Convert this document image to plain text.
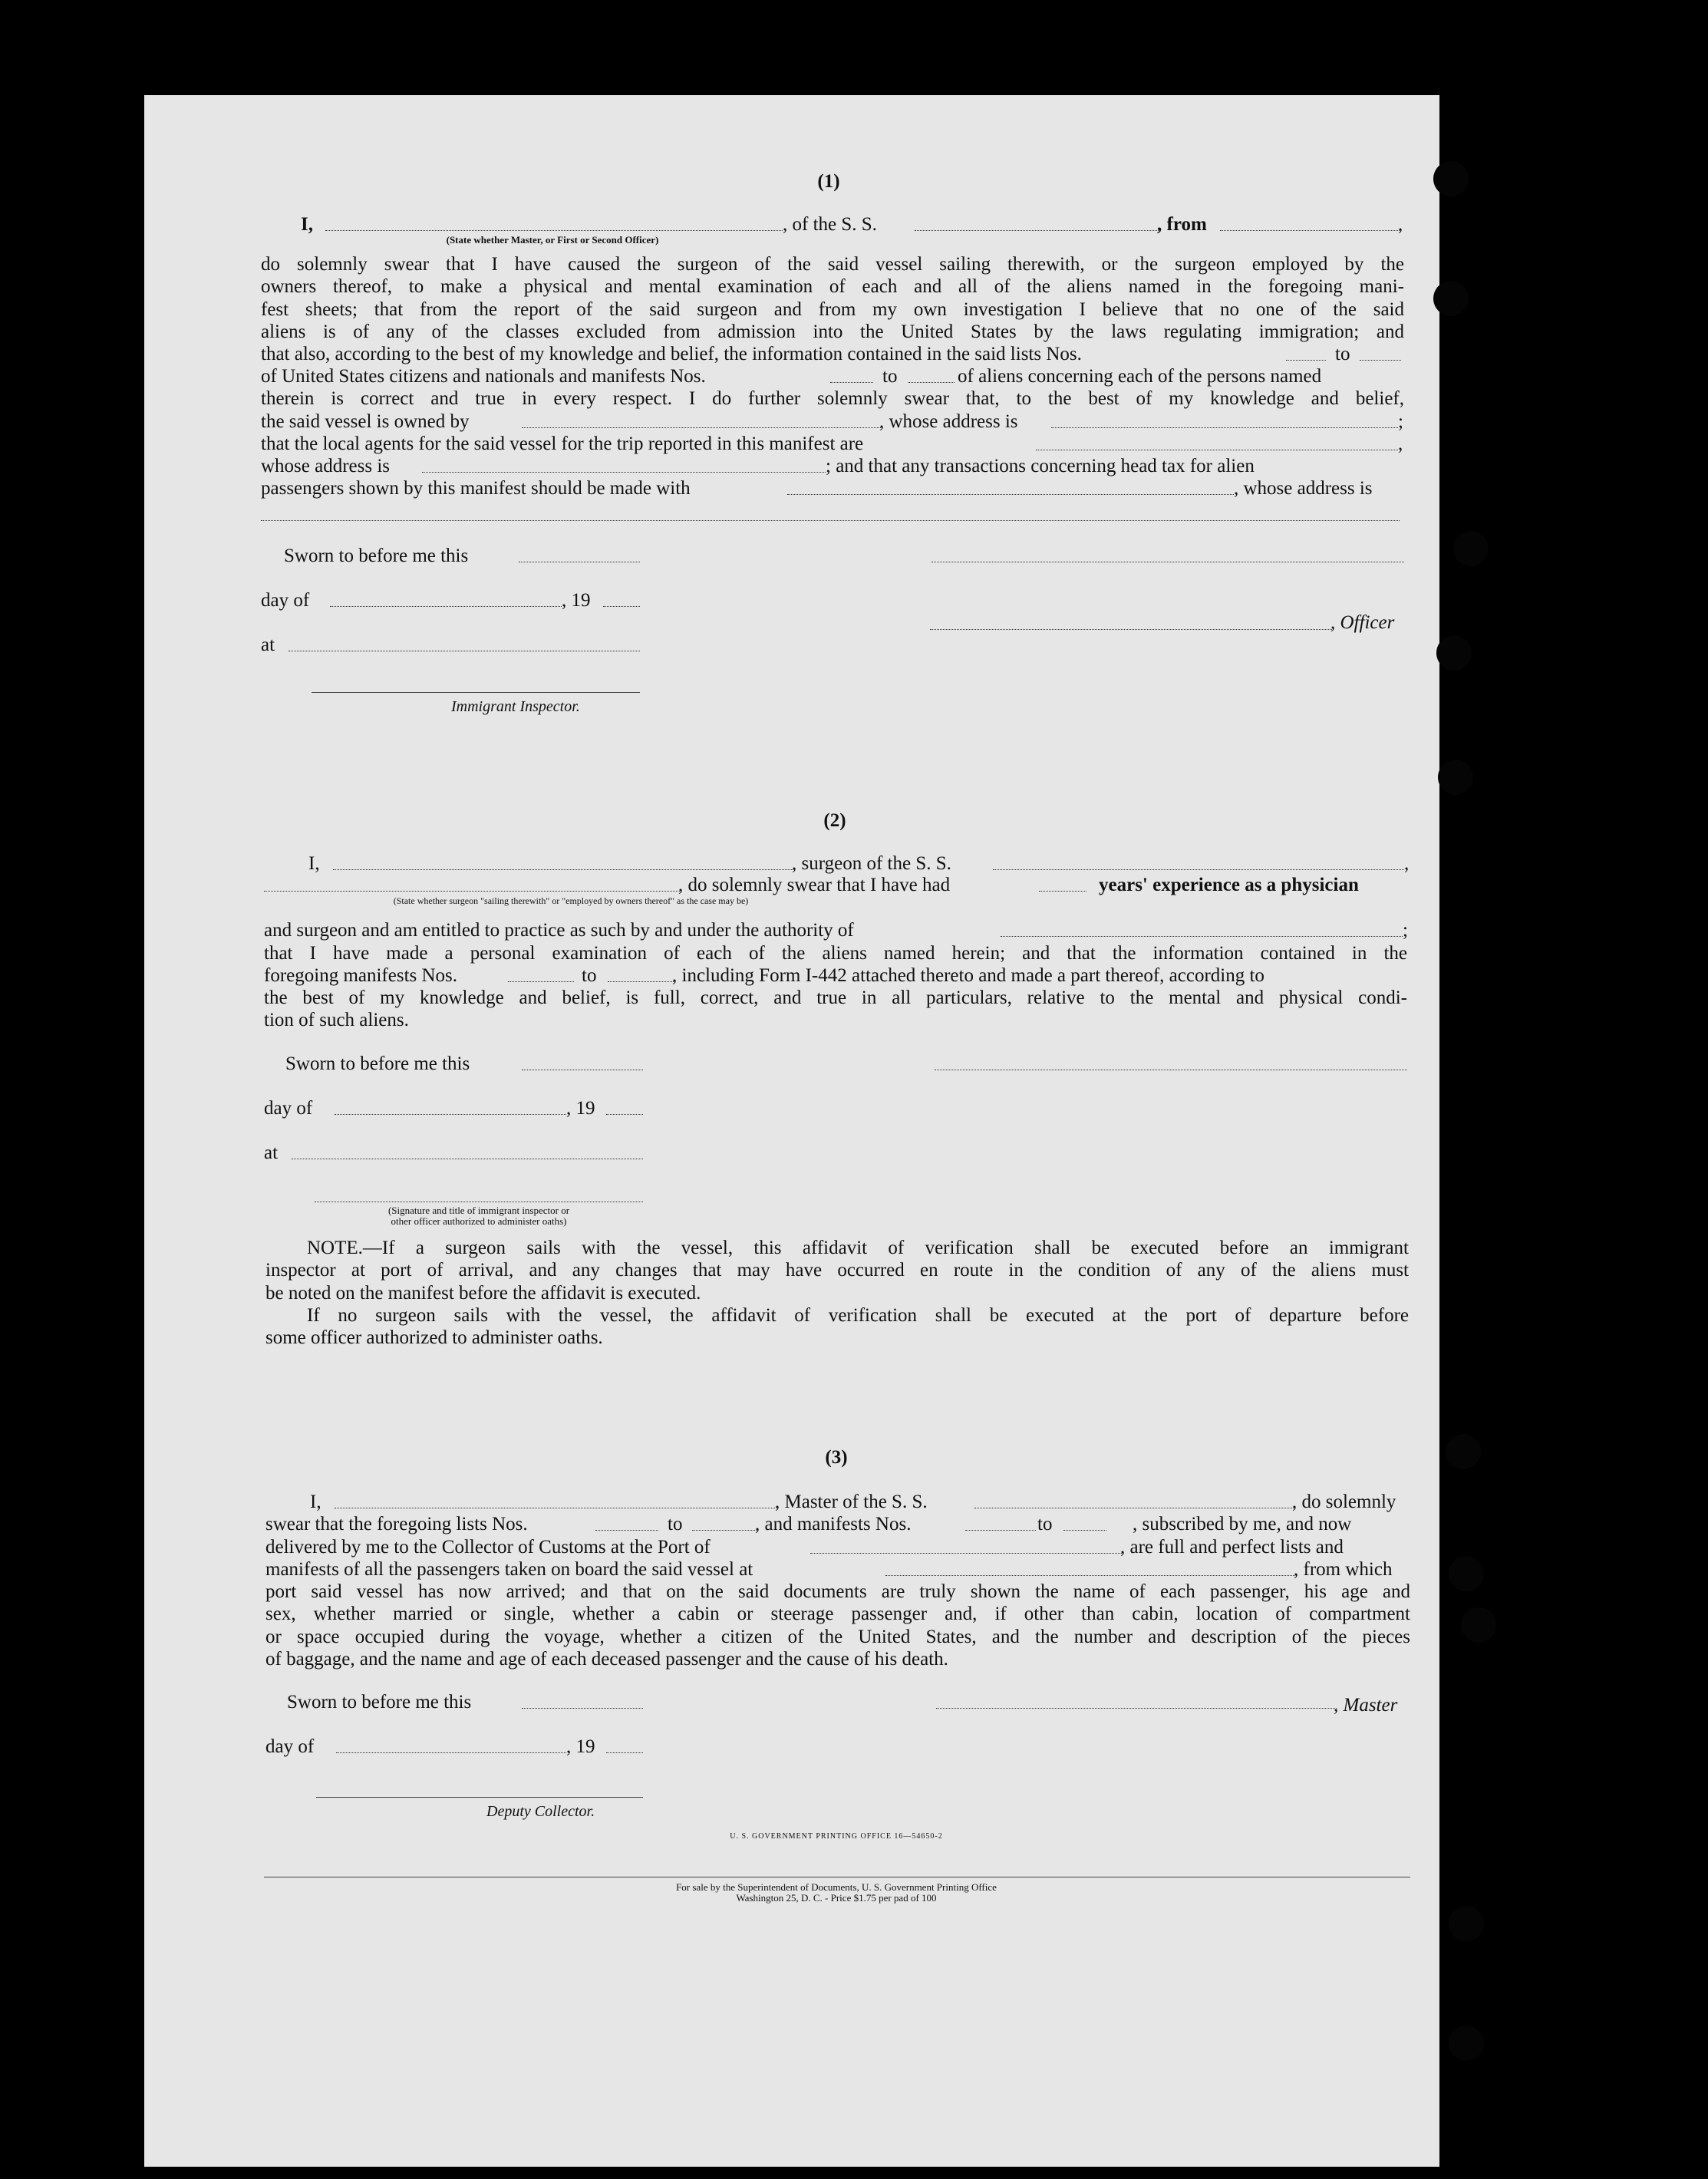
(1)
I,
(State whether Master, or First or Second Officer)
, of the S. S.	, from	,
do solemnly swear that I have caused the surgeon of the said vessel sailing therewith, or the surgeon employed by the
owners thereof, to make a physical and mental examination of each and all of the aliens named in the foregoing mani-
fest sheets; that from the report of the said surgeon and from my own investigation I believe that no one of the said
aliens is of any of the classes excluded from admission into the United States by the laws regulating immigration; and
that also, according to the best of my knowledge and belief, the information contained in the said lists Nos.	to
of United States citizens and nationals and manifests Nos.	to	of aliens concerning each of the persons named
therein is correct and true in every respect. I do further solemnly swear that, to the best of my knowledge and belief,
the said vessel is owned by	, whose address is	;
that the local agents for the said vessel for the trip reported in this manifest are	,
whose address is	; and that any transactions concerning head tax for alien
passengers shown by this manifest should be made with	, whose address is
Sworn to before me this
day of	, 19
, Officer
at
Immigrant Inspector.
(2)
I,	, surgeon of the S. S.	,
, do solemnly swear that I have had	years' experience as a physician
(State whether surgeon "sailing therewith" or "employed by owners thereof" as the case may be)
and surgeon and am entitled to practice as such by and under the authority of	;
that I have made a personal examination of each of the aliens named herein; and that the information contained in the
foregoing manifests Nos.	to	, including Form I-442 attached thereto and made a part thereof, according to
the best of my knowledge and belief, is full, correct, and true in all particulars, relative to the mental and physical condi-
tion of such aliens.
Sworn to before me this
day of	, 19
at
(Signature and title of immigrant inspector or
other officer authorized to administer oaths)
NOTE.—If a surgeon sails with the vessel, this affidavit of verification shall be executed before an immigrant
inspector at port of arrival, and any changes that may have occurred en route in the condition of any of the aliens must
be noted on the manifest before the affidavit is executed.
If no surgeon sails with the vessel, the affidavit of verification shall be executed at the port of departure before
some officer authorized to administer oaths.
(3)
I,	, Master of the S. S.	, do solemnly
swear that the foregoing lists Nos.	to	, and manifests Nos.	to	, subscribed by me, and now
delivered by me to the Collector of Customs at the Port of	, are full and perfect lists and
manifests of all the passengers taken on board the said vessel at	, from which
port said vessel has now arrived; and that on the said documents are truly shown the name of each passenger, his age and
sex, whether married or single, whether a cabin or steerage passenger and, if other than cabin, location of compartment
or space occupied during the voyage, whether a citizen of the United States, and the number and description of the pieces
of baggage, and the name and age of each deceased passenger and the cause of his death.
Sworn to before me this	, Master
day of	, 19
Deputy Collector.
U. S. GOVERNMENT PRINTING OFFICE 16—54650-2
For sale by the Superintendent of Documents, U. S. Government Printing Office
Washington 25, D. C. - Price $1.75 per pad of 100
